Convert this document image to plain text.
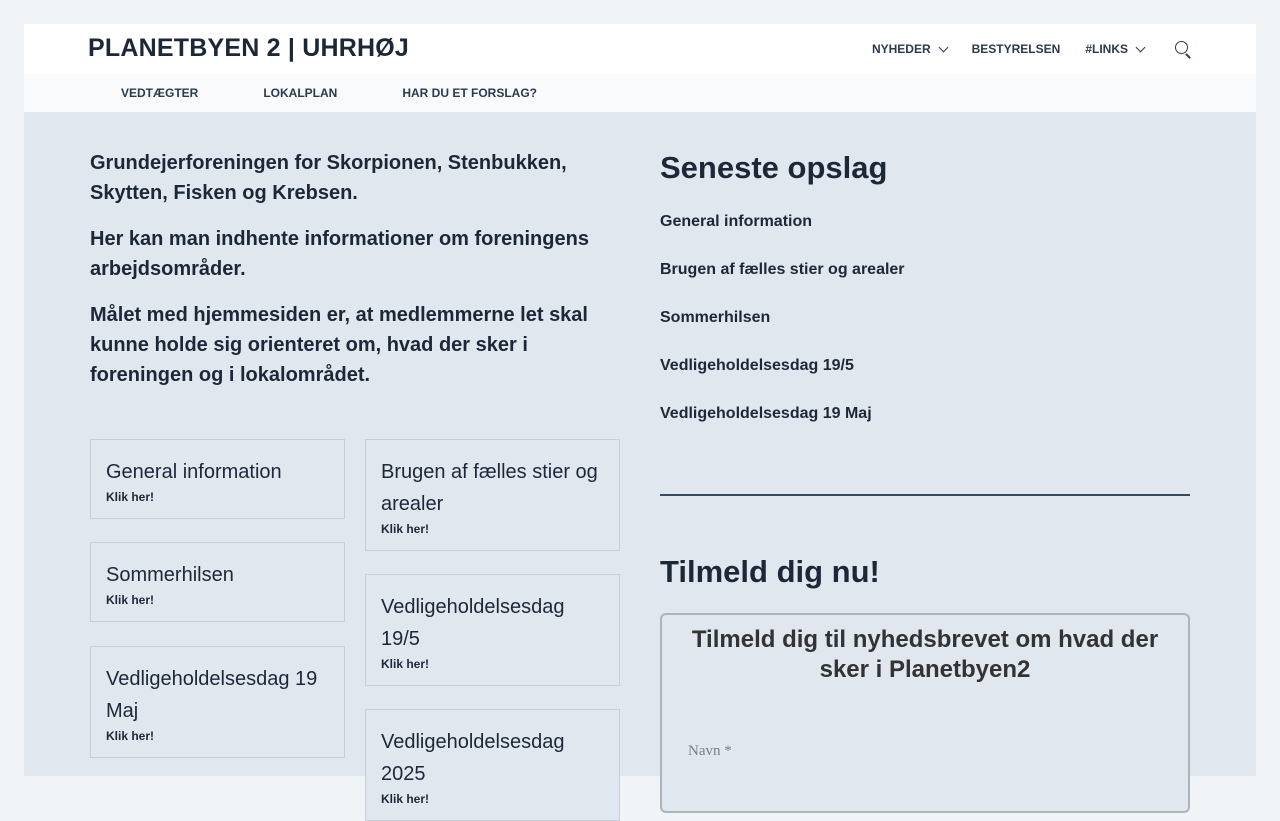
PLANETBYEN 2 | UHRHØJ	NYHEDER	BESTYRELSEN #LINKS
VEDTÆGTER	LOKALPLAN	HAR DU ET FORSLAG?

Grundejerforeningen for Skorpionen, Stenbukken, Skytten, Fisken og Krebsen.

Her kan man indhente informationer om foreningens arbejdsområder.

Målet med hjemmesiden er, at medlemmerne let skal kunne holde sig orienteret om, hvad der sker i foreningen og i lokalområdet.

General information
Klik her!
Sommerhilsen
Klik her!
Vedligeholdelsesdag 19 Maj
Klik her!
Brugen af fælles stier og arealer
Klik her!
Vedligeholdelsesdag 19/5
Klik her!
Vedligeholdelsesdag 2025
Klik her!
Seneste opslag
General information
Brugen af fælles stier og arealer
Sommerhilsen
Vedligeholdelsesdag 19/5
Vedligeholdelsesdag 19 Maj
Tilmeld dig nu!
Tilmeld dig til nyhedsbrevet om hvad der sker i Planetbyen2
Navn *
